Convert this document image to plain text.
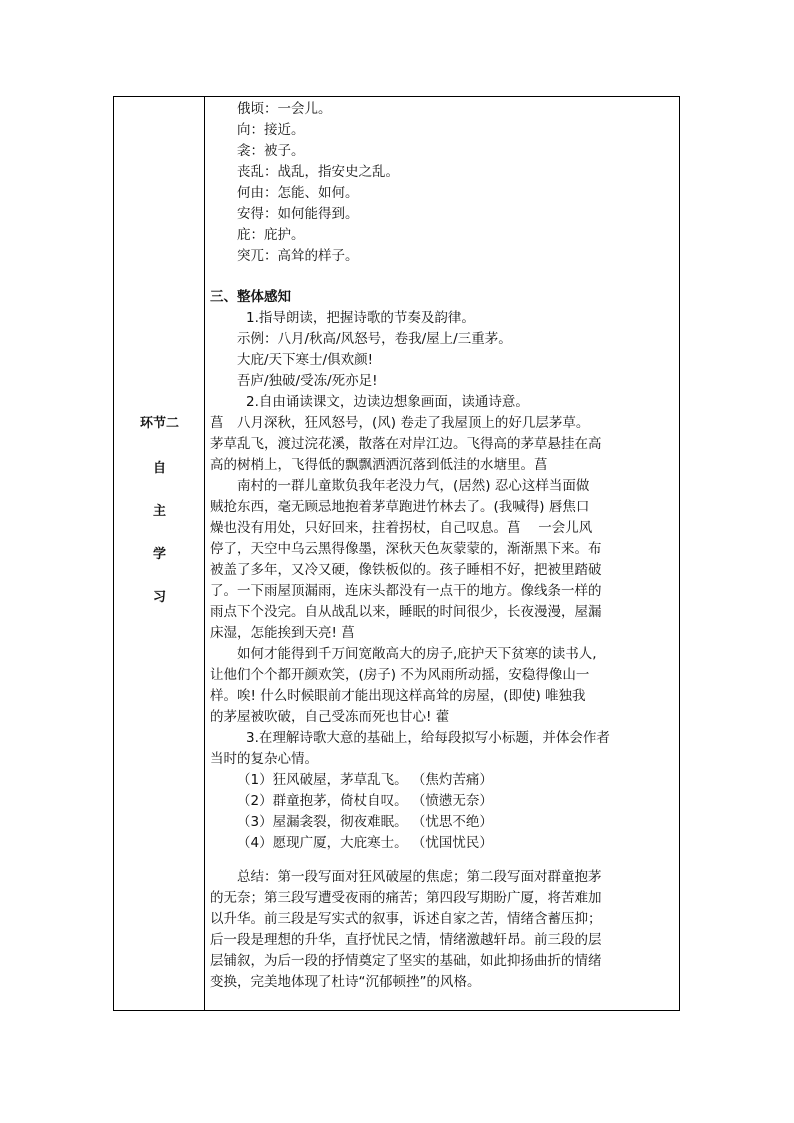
环节二
自
主
学
习
俄顷：一会儿。
向：接近。
衾：被子。
丧乱：战乱，指安史之乱。
何由：怎能、如何。
安得：如何能得到。
庇：庇护。
突兀：高耸的样子。
三、整体感知
1.指导朗读，把握诗歌的节奏及韵律。
示例：八月/秋高/风怒号，卷我/屋上/三重茅。
大庇/天下寒士/俱欢颜!
吾庐/独破/受冻/死亦足!
2.自由诵读课文，边读边想象画面，读通诗意。
菖　八月深秋，狂风怒号，(风) 卷走了我屋顶上的好几层茅草。
茅草乱飞，渡过浣花溪，散落在对岸江边。飞得高的茅草悬挂在高
高的树梢上，飞得低的飘飘洒洒沉落到低洼的水塘里。菖
南村的一群儿童欺负我年老没力气，(居然) 忍心这样当面做
贼抢东西，毫无顾忌地抱着茅草跑进竹林去了。(我喊得) 唇焦口
燥也没有用处，只好回来，拄着拐杖，自己叹息。菖　 一会儿风
停了，天空中乌云黑得像墨，深秋天色灰蒙蒙的，渐渐黑下来。布
被盖了多年，又冷又硬，像铁板似的。孩子睡相不好，把被里踏破
了。一下雨屋顶漏雨，连床头都没有一点干的地方。像线条一样的
雨点下个没完。自从战乱以来，睡眠的时间很少，长夜漫漫，屋漏
床湿，怎能挨到天亮! 菖
如何才能得到千万间宽敞高大的房子,庇护天下贫寒的读书人,
让他们个个都开颜欢笑，(房子) 不为风雨所动摇，安稳得像山一
样。唉! 什么时候眼前才能出现这样高耸的房屋，(即使) 唯独我
的茅屋被吹破，自己受冻而死也甘心! 藿
3.在理解诗歌大意的基础上，给每段拟写小标题，并体会作者
当时的复杂心情。
（1）狂风破屋，茅草乱飞。 （焦灼苦痛）
（2）群童抱茅，倚杖自叹。 （愤懑无奈）
（3）屋漏衾裂，彻夜难眠。 （忧思不绝）
（4）愿现广厦，大庇寒士。 （忧国忧民）
总结：第一段写面对狂风破屋的焦虑；第二段写面对群童抱茅
的无奈；第三段写遭受夜雨的痛苦；第四段写期盼广厦，将苦难加
以升华。前三段是写实式的叙事，诉述自家之苦，情绪含蓄压抑；
后一段是理想的升华，直抒忧民之情，情绪激越轩昂。前三段的层
层铺叙，为后一段的抒情奠定了坚实的基础，如此抑扬曲折的情绪
变换，完美地体现了杜诗“沉郁顿挫”的风格。
